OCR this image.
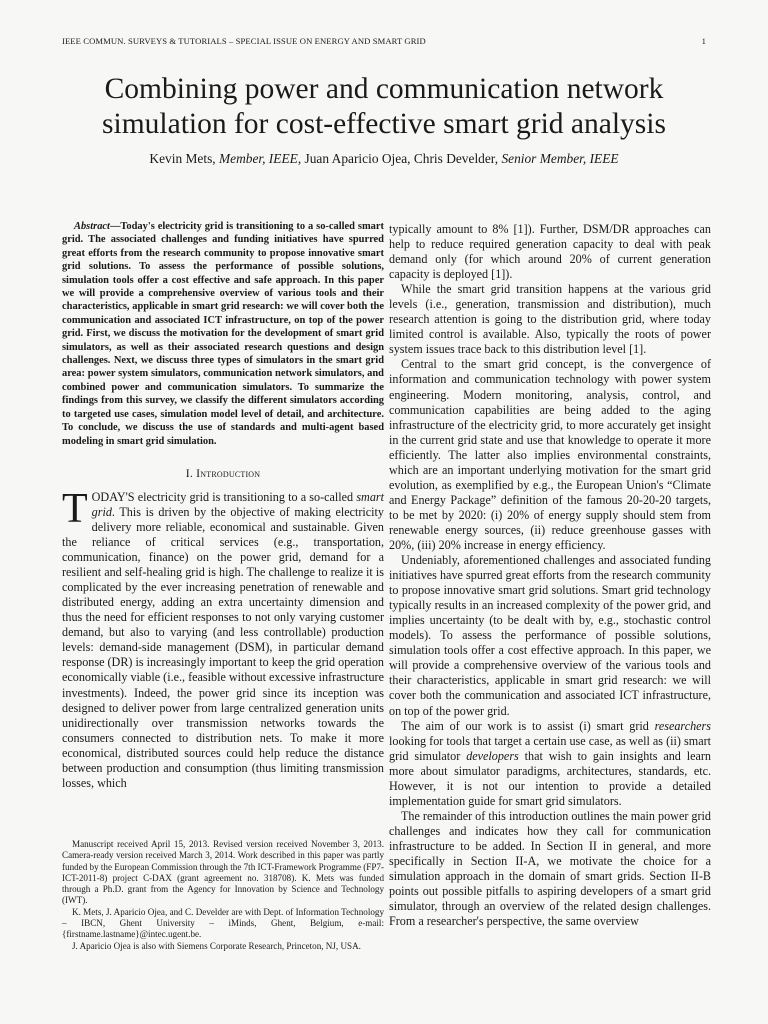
IEEE COMMUN. SURVEYS & TUTORIALS – SPECIAL ISSUE ON ENERGY AND SMART GRID	1
Combining power and communication network
simulation for cost-effective smart grid analysis
Kevin Mets, Member, IEEE, Juan Aparicio Ojea, Chris Develder, Senior Member, IEEE
Abstract—Today's electricity grid is transitioning to a so-called smart grid. The associated challenges and funding initiatives have spurred great efforts from the research community to propose innovative smart grid solutions. To assess the performance of possible solutions, simulation tools offer a cost effective and safe approach. In this paper we will provide a comprehensive overview of various tools and their characteristics, applicable in smart grid research: we will cover both the communication and associated ICT infrastructure, on top of the power grid. First, we discuss the motivation for the development of smart grid simulators, as well as their associated research questions and design challenges. Next, we discuss three types of simulators in the smart grid area: power system simulators, communication network simulators, and combined power and communication simulators. To summarize the findings from this survey, we classify the different simulators according to targeted use cases, simulation model level of detail, and architecture. To conclude, we discuss the use of standards and multi-agent based modeling in smart grid simulation.
I. Introduction

TODAY'S electricity grid is transitioning to a so-called smart grid. This is driven by the objective of making electricity delivery more reliable, economical and sustainable. Given the reliance of critical services (e.g., transportation, communication, finance) on the power grid, demand for a resilient and self-healing grid is high. The challenge to realize it is complicated by the ever increasing penetration of renewable and distributed energy, adding an extra uncertainty dimension and thus the need for efficient responses to not only varying customer demand, but also to varying (and less controllable) production levels: demand-side management (DSM), in particular demand response (DR) is increasingly important to keep the grid operation economically viable (i.e., feasible without excessive infrastructure investments). Indeed, the power grid since its inception was designed to deliver power from large centralized generation units unidirectionally over transmission networks towards the consumers connected to distribution nets. To make it more economical, distributed sources could help reduce the distance between production and consumption (thus limiting transmission losses, which

Manuscript received April 15, 2013. Revised version received November 3, 2013. Camera-ready version received March 3, 2014. Work described in this paper was partly funded by the European Commission through the 7th ICT-Framework Programme (FP7-ICT-2011-8) project C-DAX (grant agreement no. 318708). K. Mets was funded through a Ph.D. grant from the Agency for Innovation by Science and Technology (IWT).

K. Mets, J. Aparicio Ojea, and C. Develder are with Dept. of Information Technology – IBCN, Ghent University – iMinds, Ghent, Belgium, e-mail: {firstname.lastname}@intec.ugent.be.

J. Aparicio Ojea is also with Siemens Corporate Research, Princeton, NJ, USA.

typically amount to 8% [1]). Further, DSM/DR approaches can help to reduce required generation capacity to deal with peak demand only (for which around 20% of current generation capacity is deployed [1]).

While the smart grid transition happens at the various grid levels (i.e., generation, transmission and distribution), much research attention is going to the distribution grid, where today limited control is available. Also, typically the roots of power system issues trace back to this distribution level [1].

Central to the smart grid concept, is the convergence of information and communication technology with power system engineering. Modern monitoring, analysis, control, and communication capabilities are being added to the aging infrastructure of the electricity grid, to more accurately get insight in the current grid state and use that knowledge to operate it more efficiently. The latter also implies environmental constraints, which are an important underlying motivation for the smart grid evolution, as exemplified by e.g., the European Union's “Climate and Energy Package” definition of the famous 20-20-20 targets, to be met by 2020: (i) 20% of energy supply should stem from renewable energy sources, (ii) reduce greenhouse gasses with 20%, (iii) 20% increase in energy efficiency.

Undeniably, aforementioned challenges and associated funding initiatives have spurred great efforts from the research community to propose innovative smart grid solutions. Smart grid technology typically results in an increased complexity of the power grid, and implies uncertainty (to be dealt with by, e.g., stochastic control models). To assess the performance of possible solutions, simulation tools offer a cost effective approach. In this paper, we will provide a comprehensive overview of the various tools and their characteristics, applicable in smart grid research: we will cover both the communication and associated ICT infrastructure, on top of the power grid.

The aim of our work is to assist (i) smart grid researchers looking for tools that target a certain use case, as well as (ii) smart grid simulator developers that wish to gain insights and learn more about simulator paradigms, architectures, standards, etc. However, it is not our intention to provide a detailed implementation guide for smart grid simulators.

The remainder of this introduction outlines the main power grid challenges and indicates how they call for communication infrastructure to be added. In Section II in general, and more specifically in Section II-A, we motivate the choice for a simulation approach in the domain of smart grids. Section II-B points out possible pitfalls to aspiring developers of a smart grid simulator, through an overview of the related design challenges. From a researcher's perspective, the same overview
